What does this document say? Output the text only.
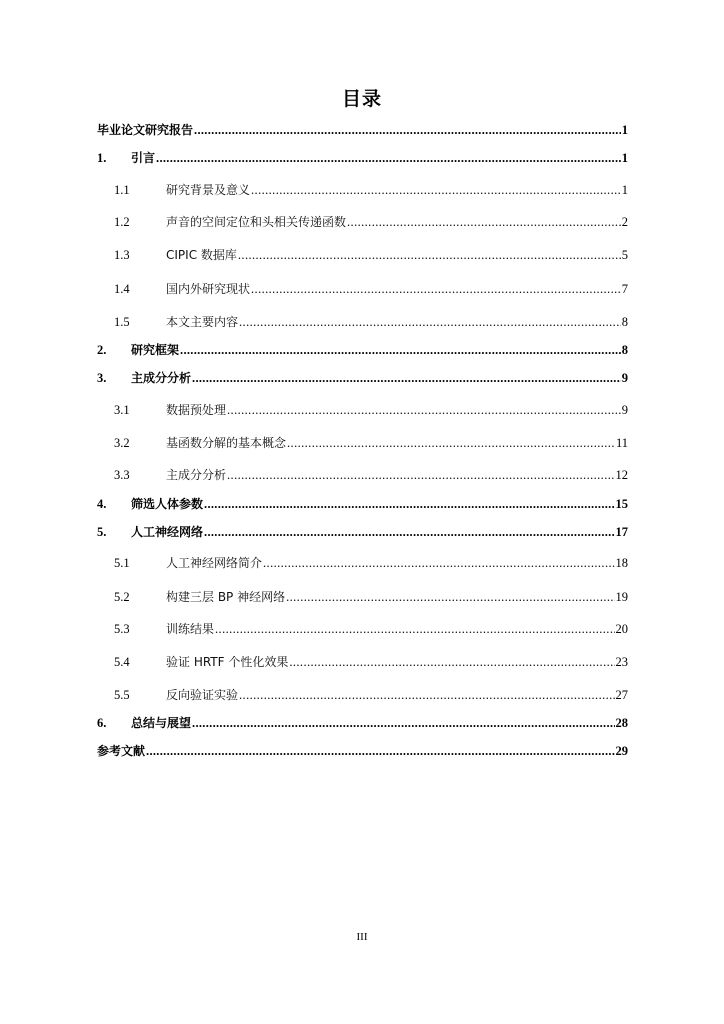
目录
毕业论文研究报告 .....	1
1.	引言 .....	1
1.1	研究背景及意义 .....	1
1.2	声音的空间定位和头相关传递函数 .....	2
1.3	CIPIC 数据库 .....	5
1.4	国内外研究现状 .....	7
1.5	本文主要内容 .....	8
2.	研究框架 .....	8
3.	主成分分析 .....	9
3.1	数据预处理 .....	9
3.2	基函数分解的基本概念 .....	11
3.3	主成分分析 .....	12
4.	筛选人体参数 .....	15
5.	人工神经网络 .....	17
5.1	人工神经网络简介 .....	18
5.2	构建三层 BP 神经网络 .....	19
5.3	训练结果 .....	20
5.4	验证 HRTF 个性化效果 .....	23
5.5	反向验证实验 .....	27
6.	总结与展望 .....	28
参考文献 .....	29
III
